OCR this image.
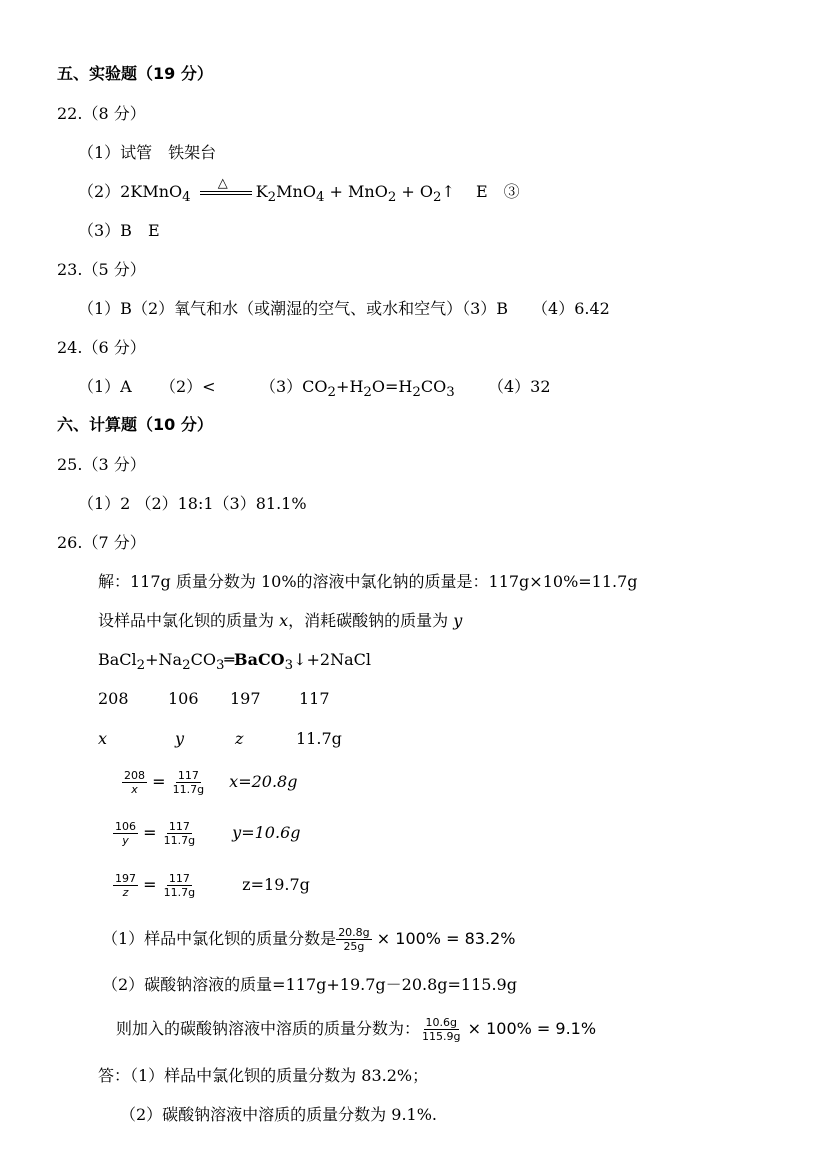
五、实验题（19 分）
22.（8 分）
（1）试管　铁架台
（2）2KMnO$_4$
△ $K_2MnO_4 + MnO_2$ + $O_2↑$　 E　③
（3）B　E
23.（5 分）
（1）B（2）氧气和水（或潮湿的空气、或水和空气）（3）B　　（4）6.42
24.（6 分）
（1）A （2）<	$(3)CO_2+H_2O=H_2CO_3$ （4）32
六、计算题（10 分）
25.（3 分）
（1）2 （2）18:1（3）81.1%
26.（7 分）
解：117g 质量分数为 10%的溶液中氯化钠的质量是：117g×10%=11.7g
设样品中氯化钡的质量为 x，消耗碳酸钠的质量为 y
$BaCl_2+Na_2CO_3═BaCO_3↓+2NaCl$
208 106 197 117
x	y	z	11.7g
$\frac{208}{x} = \frac{117}{11.7g} x=20.8g$
$\frac{106}{y} = \frac{117}{11.7g} y=10.6g$
$\frac{197}{z} = \frac{117}{11.7g}$	z=19.7g
（1）样品中氯化钡的质量分数是 $\frac{20.8g}{25g} \times 100\% = 83.2\%$
（2）碳酸钠溶液的质量=117g+19.7g－20.8g=115.9g
则加入的碳酸钠溶液中溶质的质量分数为： $\frac{10.6g}{115.9g} \times 100\% = 9.1\%$
答：（1）样品中氯化钡的质量分数为 83.2%；
（2）碳酸钠溶液中溶质的质量分数为 9.1%.
